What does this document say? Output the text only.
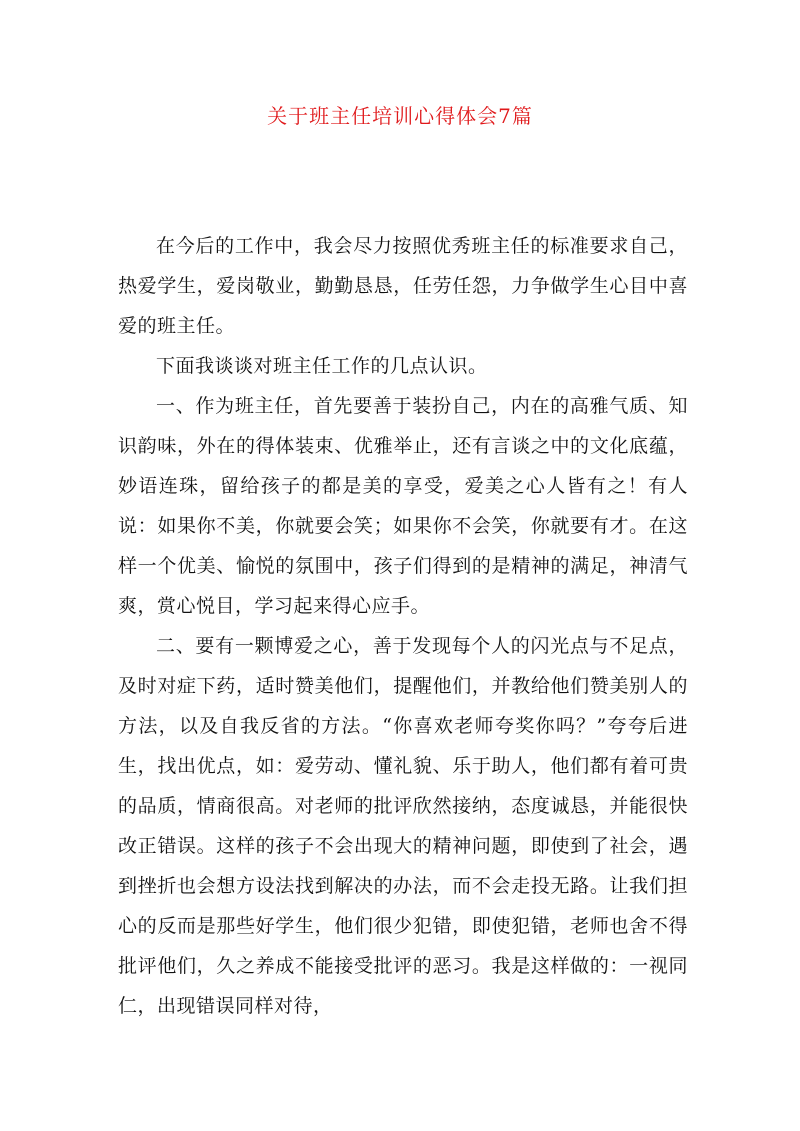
关于班主任培训心得体会7篇

在今后的工作中，我会尽力按照优秀班主任的标准要求自己，热爱学生，爱岗敬业，勤勤恳恳，任劳任怨，力争做学生心目中喜爱的班主任。

下面我谈谈对班主任工作的几点认识。

一、作为班主任，首先要善于装扮自己，内在的高雅气质、知识韵味，外在的得体装束、优雅举止，还有言谈之中的文化底蕴，妙语连珠，留给孩子的都是美的享受，爱美之心人皆有之！有人说：如果你不美，你就要会笑；如果你不会笑，你就要有才。在这样一个优美、愉悦的氛围中，孩子们得到的是精神的满足，神清气爽，赏心悦目，学习起来得心应手。

二、要有一颗博爱之心，善于发现每个人的闪光点与不足点，及时对症下药，适时赞美他们，提醒他们，并教给他们赞美别人的方法，以及自我反省的方法。“你喜欢老师夸奖你吗？”夸夸后进生，找出优点，如：爱劳动、懂礼貌、乐于助人，他们都有着可贵的品质，情商很高。对老师的批评欣然接纳，态度诚恳，并能很快改正错误。这样的孩子不会出现大的精神问题，即使到了社会，遇到挫折也会想方设法找到解决的办法，而不会走投无路。让我们担心的反而是那些好学生，他们很少犯错，即使犯错，老师也舍不得批评他们，久之养成不能接受批评的恶习。我是这样做的：一视同仁，出现错误同样对待，
